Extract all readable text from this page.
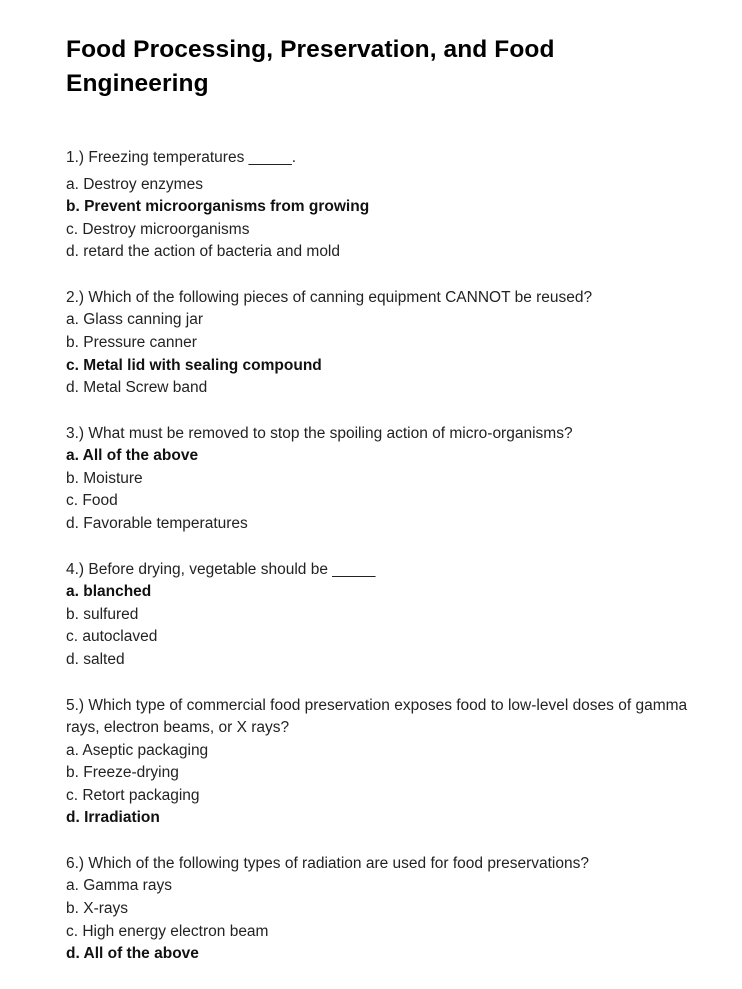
Food Processing, Preservation, and Food
Engineering

1.) Freezing temperatures _____.

a. Destroy enzymes

b. Prevent microorganisms from growing

c. Destroy microorganisms

d. retard the action of bacteria and mold

2.) Which of the following pieces of canning equipment CANNOT be reused?

a. Glass canning jar

b. Pressure canner

c. Metal lid with sealing compound

d. Metal Screw band

3.) What must be removed to stop the spoiling action of micro-organisms?

a. All of the above

b. Moisture

c. Food

d. Favorable temperatures

4.) Before drying, vegetable should be _____

a. blanched

b. sulfured

c. autoclaved

d. salted

5.) Which type of commercial food preservation exposes food to low-level doses of gamma rays, electron beams, or X rays?

a. Aseptic packaging

b. Freeze-drying

c. Retort packaging

d. Irradiation

6.) Which of the following types of radiation are used for food preservations?

a. Gamma rays

b. X-rays

c. High energy electron beam

d. All of the above
